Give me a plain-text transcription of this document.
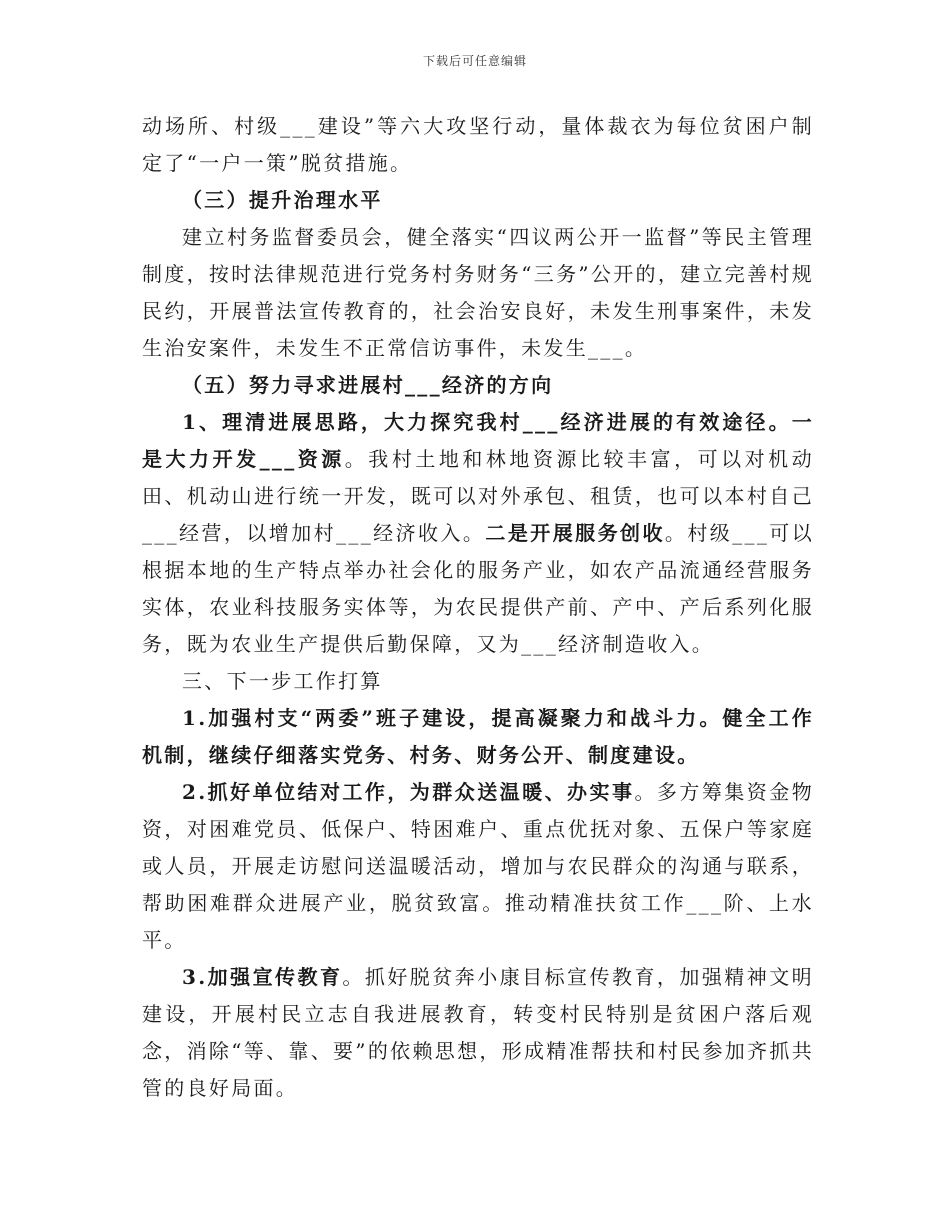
下载后可任意编辑

动场所、村级___建设”等六大攻坚行动，量体裁衣为每位贫困户制定了“一户一策”脱贫措施。

（三）提升治理水平

建立村务监督委员会，健全落实“四议两公开一监督”等民主管理制度，按时法律规范进行党务村务财务“三务”公开的，建立完善村规民约，开展普法宣传教育的，社会治安良好，未发生刑事案件，未发生治安案件，未发生不正常信访事件，未发生___。

（五）努力寻求进展村___经济的方向

1、理清进展思路，大力探究我村___经济进展的有效途径。一是大力开发___资源。我村土地和林地资源比较丰富，可以对机动田、机动山进行统一开发，既可以对外承包、租赁，也可以本村自己___经营，以增加村___经济收入。二是开展服务创收。村级___可以根据本地的生产特点举办社会化的服务产业，如农产品流通经营服务实体，农业科技服务实体等，为农民提供产前、产中、产后系列化服务，既为农业生产提供后勤保障，又为___经济制造收入。

三、下一步工作打算

1.加强村支“两委”班子建设，提高凝聚力和战斗力。健全工作机制，继续仔细落实党务、村务、财务公开、制度建设。

2.抓好单位结对工作，为群众送温暖、办实事。多方筹集资金物资，对困难党员、低保户、特困难户、重点优抚对象、五保户等家庭或人员，开展走访慰问送温暖活动，增加与农民群众的沟通与联系，帮助困难群众进展产业，脱贫致富。推动精准扶贫工作___阶、上水平。

3.加强宣传教育。抓好脱贫奔小康目标宣传教育，加强精神文明建设，开展村民立志自我进展教育，转变村民特别是贫困户落后观念，消除“等、靠、要”的依赖思想，形成精准帮扶和村民参加齐抓共管的良好局面。
